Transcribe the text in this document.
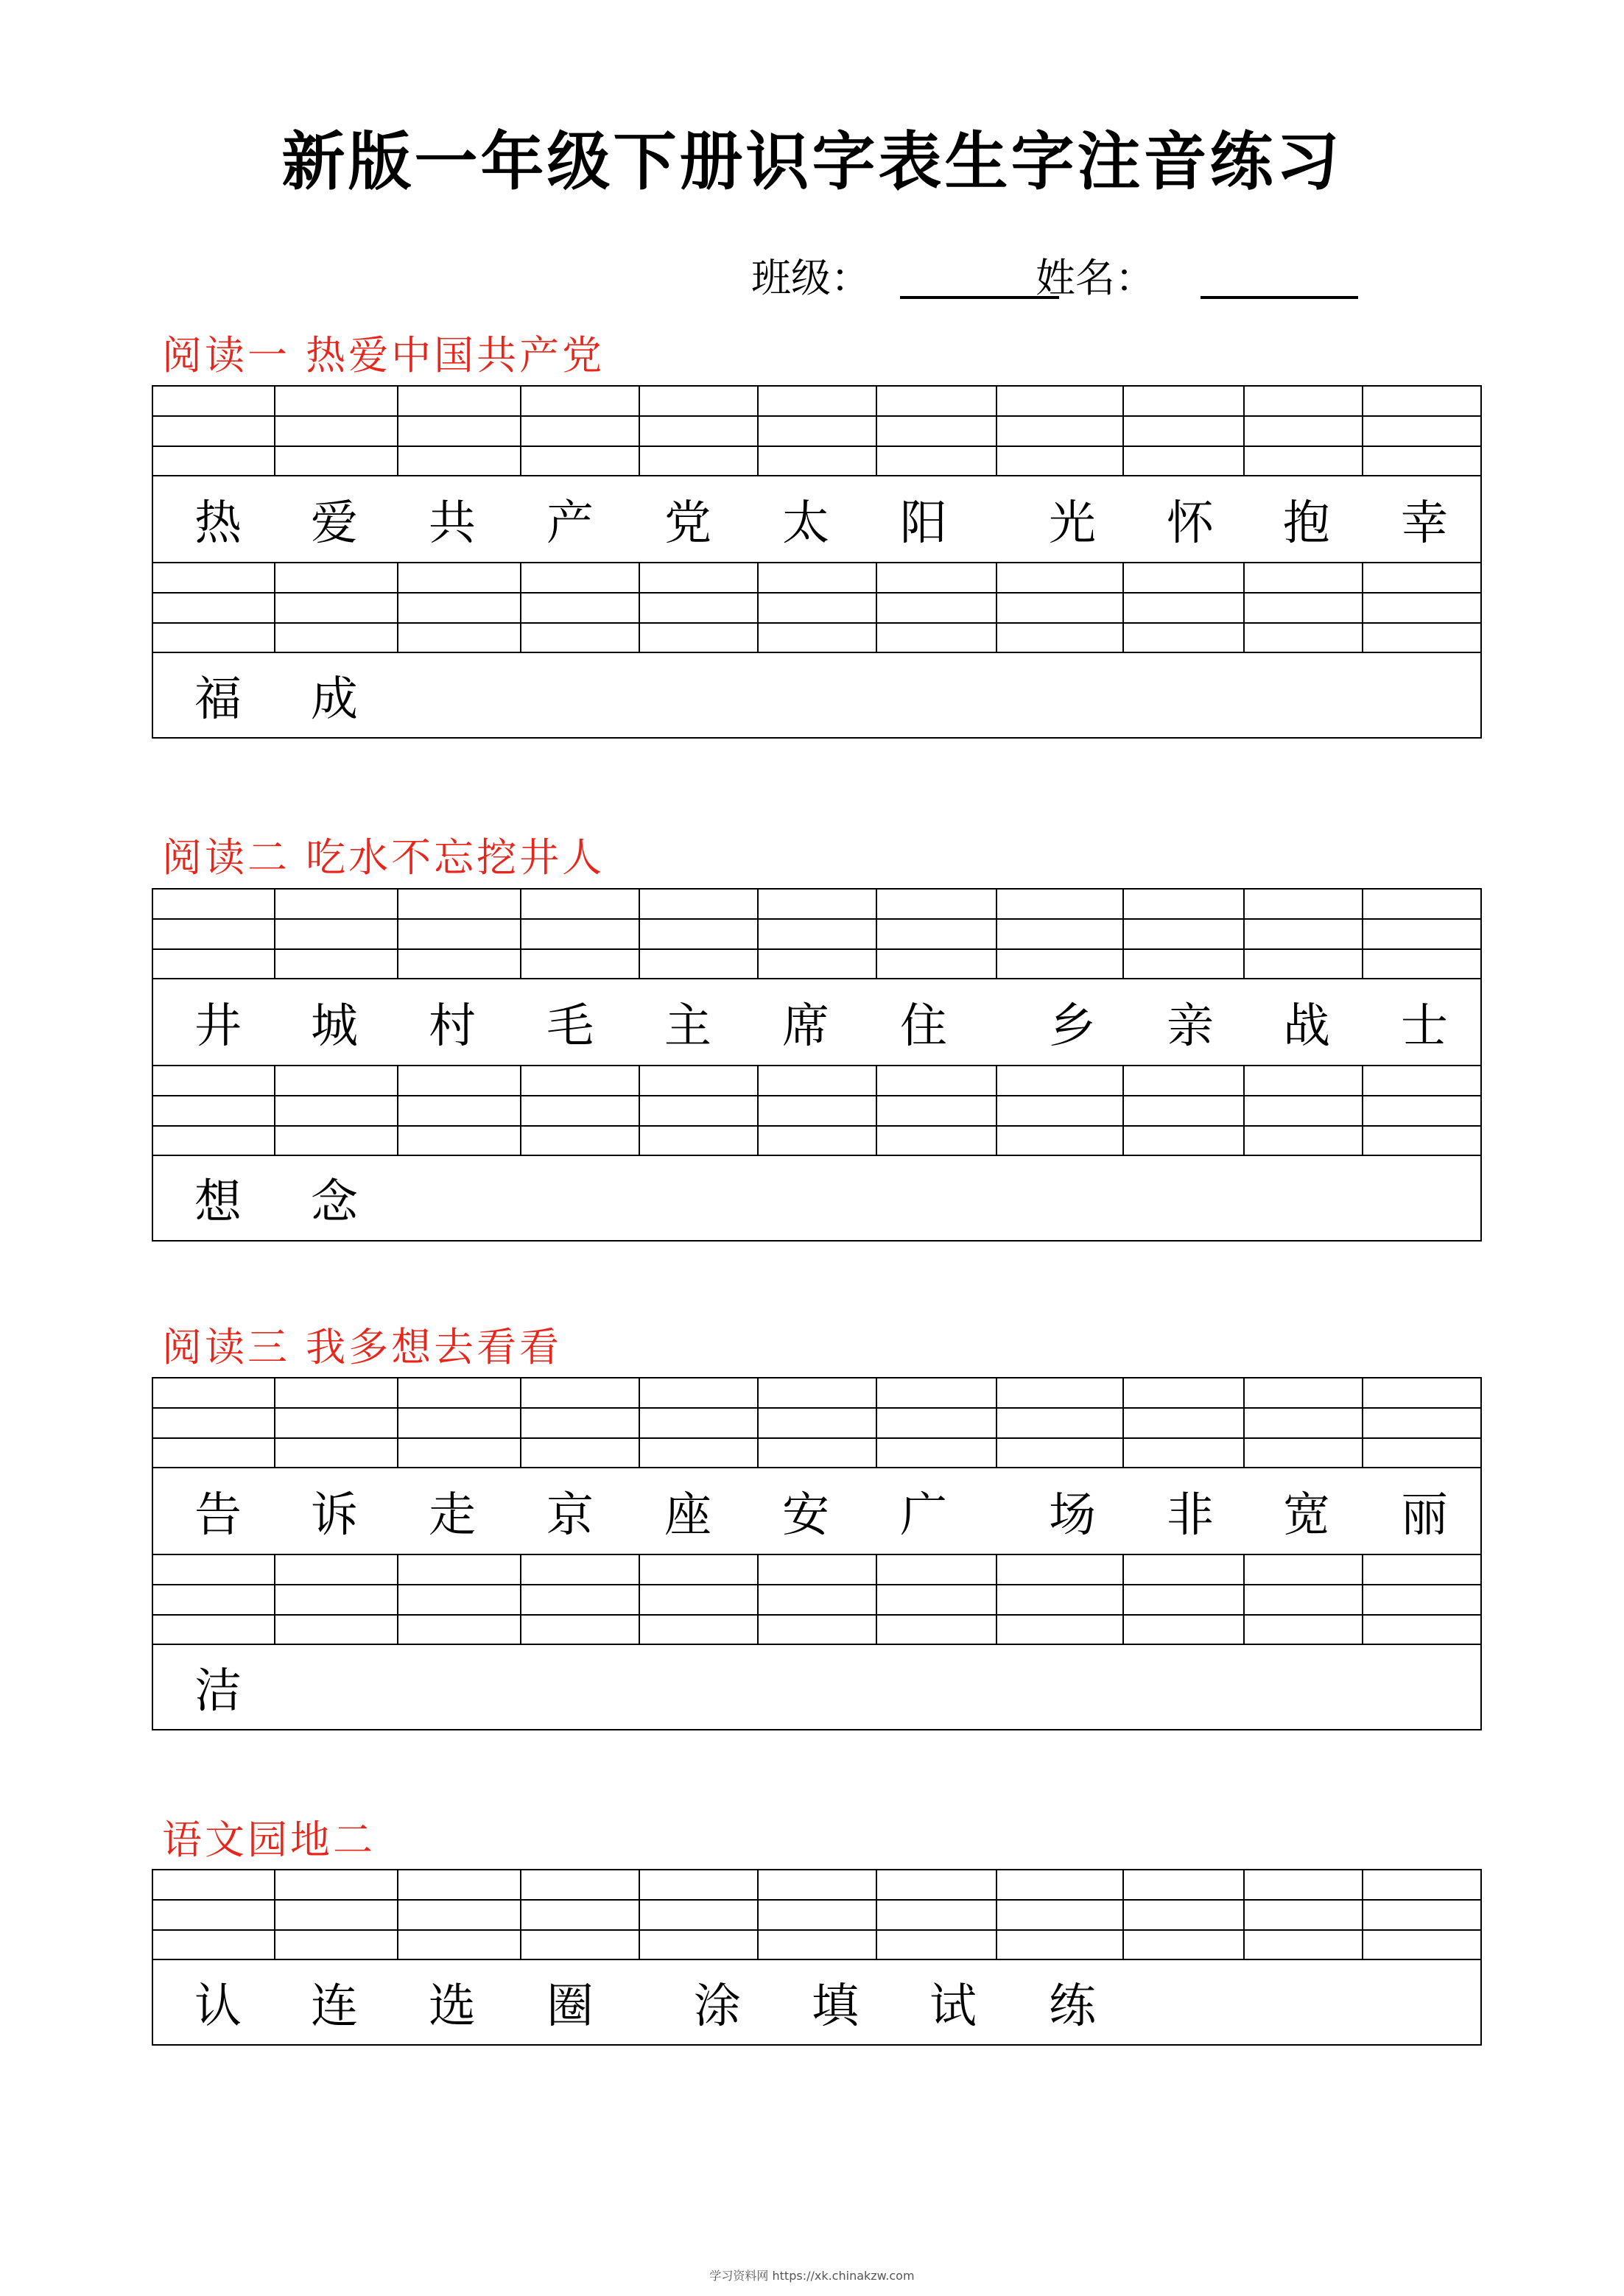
新版一年级下册识字表生字注音练习
班级：	姓名：
阅读一 热爱中国共产党
热 爱 共 产 党 太 阳 光 怀 抱 幸
福 成
阅读二 吃水不忘挖井人
井 城 村 毛 主 席 住 乡 亲 战 士
想 念
阅读三 我多想去看看
告 诉 走 京 座 安 广 场 非 宽 丽
洁
语文园地二
认 连 选 圈 涂 填 试 练
学习资料网 https://xk.chinakzw.com
